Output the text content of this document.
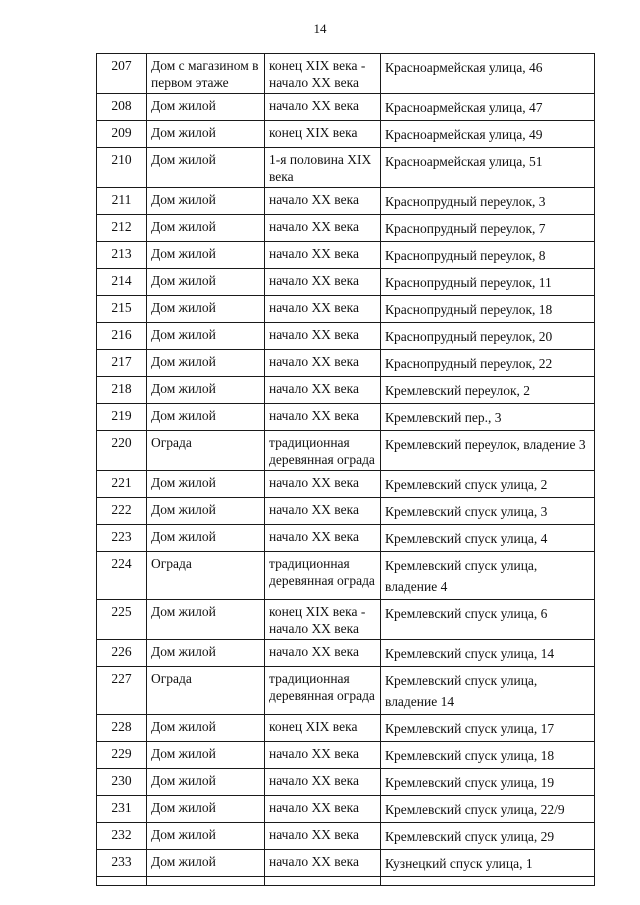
14
207	Дом с магазином в первом этаже	конец XIX века - начало XX века	Красноармейская улица, 46
208	Дом жилой	начало XX века	Красноармейская улица, 47
209	Дом жилой	конец XIX века	Красноармейская улица, 49
210	Дом жилой	1-я половина XIX века	Красноармейская улица, 51
211	Дом жилой	начало XX века	Краснопрудный переулок, 3
212	Дом жилой	начало XX века	Краснопрудный переулок, 7
213	Дом жилой	начало XX века	Краснопрудный переулок, 8
214	Дом жилой	начало XX века	Краснопрудный переулок, 11
215	Дом жилой	начало XX века	Краснопрудный переулок, 18
216	Дом жилой	начало XX века	Краснопрудный переулок, 20
217	Дом жилой	начало XX века	Краснопрудный переулок, 22
218	Дом жилой	начало XX века	Кремлевский переулок, 2
219	Дом жилой	начало XX века	Кремлевский пер., 3
220	Ограда	традиционная деревянная ограда	Кремлевский переулок, владение 3
221	Дом жилой	начало XX века	Кремлевский спуск улица, 2
222	Дом жилой	начало XX века	Кремлевский спуск улица, 3
223	Дом жилой	начало XX века	Кремлевский спуск улица, 4
224	Ограда	традиционная деревянная ограда	Кремлевский спуск улица, владение 4
225	Дом жилой	конец XIX века - начало XX века	Кремлевский спуск улица, 6
226	Дом жилой	начало XX века	Кремлевский спуск улица, 14
227	Ограда	традиционная деревянная ограда	Кремлевский спуск улица, владение 14
228	Дом жилой	конец XIX века	Кремлевский спуск улица, 17
229	Дом жилой	начало XX века	Кремлевский спуск улица, 18
230	Дом жилой	начало XX века	Кремлевский спуск улица, 19
231	Дом жилой	начало XX века	Кремлевский спуск улица, 22/9
232	Дом жилой	начало XX века	Кремлевский спуск улица, 29
233	Дом жилой	начало XX века	Кузнецкий спуск улица, 1
